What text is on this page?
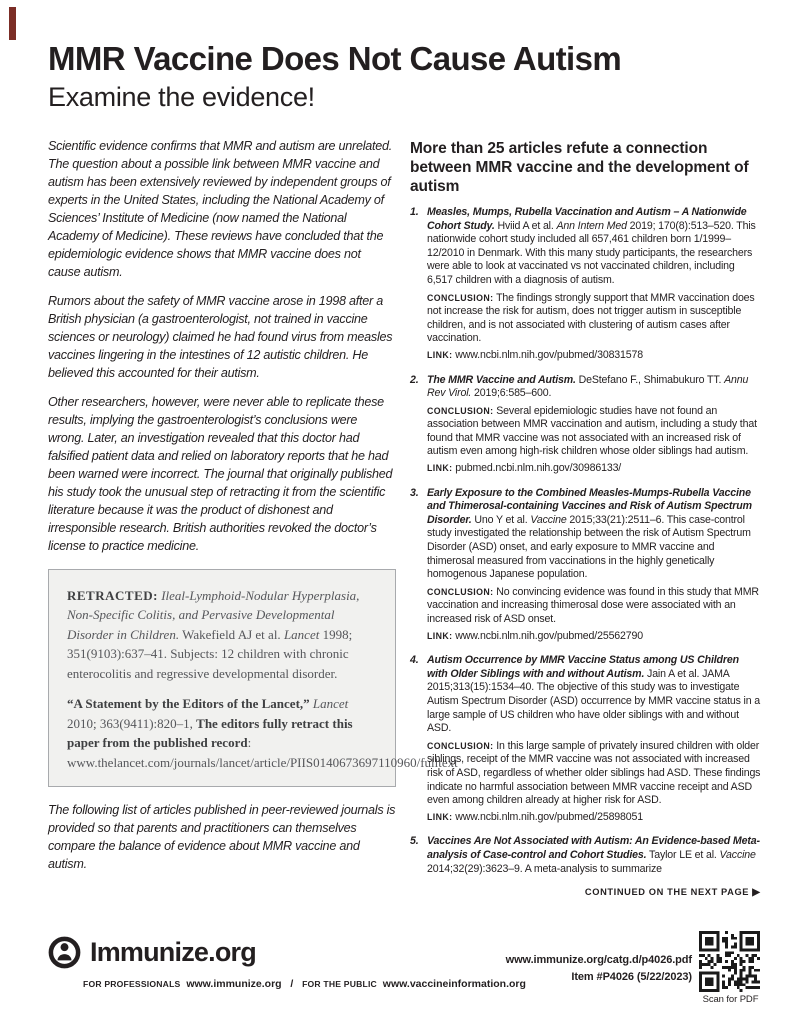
MMR Vaccine Does Not Cause Autism
Examine the evidence!

Scientific evidence confirms that MMR and autism are unrelated. The question about a possible link between MMR vaccine and autism has been extensively reviewed by independent groups of experts in the United States, including the National Academy of Sciences’ Institute of Medicine (now named the National Academy of Medicine). These reviews have concluded that the epidemiologic evidence shows that MMR vaccine does not cause autism.

Rumors about the safety of MMR vaccine arose in 1998 after a British physician (a gastroenterologist, not trained in vaccine sciences or neurology) claimed he had found virus from measles vaccines lingering in the intestines of 12 autistic children. He believed this accounted for their autism.

Other researchers, however, were never able to replicate these results, implying the gastroenterologist’s conclusions were wrong. Later, an investigation revealed that this doctor had falsified patient data and relied on laboratory reports that he had been warned were incorrect. The journal that originally published his study took the unusual step of retracting it from the scientific literature because it was the product of dishonest and irresponsible research. British authorities revoked the doctor’s license to practice medicine.

RETRACTED: Ileal-Lymphoid-Nodular Hyperplasia, Non-Specific Colitis, and Pervasive Developmental Disorder in Children. Wakefield AJ et al. Lancet 1998; 351(9103):637–41. Subjects: 12 children with chronic enterocolitis and regressive developmental disorder.

“A Statement by the Editors of the Lancet,” Lancet 2010; 363(9411):820–1, The editors fully retract this paper from the published record: www.thelancet.com/journals/lancet/article/PIIS0140673697110960/fulltext

The following list of articles published in peer-reviewed journals is provided so that parents and practitioners can themselves compare the balance of evidence about MMR vaccine and autism.

More than 25 articles refute a connection between MMR vaccine and the development of autism
1. Measles, Mumps, Rubella Vaccination and Autism – A Nationwide Cohort Study. Hviid A et al. Ann Intern Med 2019; 170(8):513–520. This nationwide cohort study included all 657,461 children born 1/1999–12/2010 in Denmark. With this many study participants, the researchers were able to look at vaccinated vs not vaccinated children, including 6,517 children with a diagnosis of autism.

CONCLUSION: The findings strongly support that MMR vaccination does not increase the risk for autism, does not trigger autism in susceptible children, and is not associated with clustering of autism cases after vaccination.

LINK: www.ncbi.nlm.nih.gov/pubmed/30831578

2. The MMR Vaccine and Autism. DeStefano F., Shimabukuro TT. Annu Rev Virol. 2019;6:585–600.

CONCLUSION: Several epidemiologic studies have not found an association between MMR vaccination and autism, including a study that found that MMR vaccine was not associated with an increased risk of autism even among high-risk children whose older siblings had autism.

LINK: pubmed.ncbi.nlm.nih.gov/30986133/

3. Early Exposure to the Combined Measles-Mumps-Rubella Vaccine and Thimerosal-containing Vaccines and Risk of Autism Spectrum Disorder. Uno Y et al. Vaccine 2015;33(21):2511–6. This case-control study investigated the relationship between the risk of Autism Spectrum Disorder (ASD) onset, and early exposure to MMR vaccine and thimerosal measured from vaccinations in the highly genetically homogenous Japanese population.

CONCLUSION: No convincing evidence was found in this study that MMR vaccination and increasing thimerosal dose were associated with an increased risk of ASD onset.

LINK: www.ncbi.nlm.nih.gov/pubmed/25562790

4. Autism Occurrence by MMR Vaccine Status among US Children with Older Siblings with and without Autism. Jain A et al. JAMA 2015;313(15):1534–40. The objective of this study was to investigate Autism Spectrum Disorder (ASD) occurrence by MMR vaccine status in a large sample of US children who have older siblings with and without ASD.

CONCLUSION: In this large sample of privately insured children with older siblings, receipt of the MMR vaccine was not associated with increased risk of ASD, regardless of whether older siblings had ASD. These findings indicate no harmful association between MMR vaccine receipt and ASD even among children already at higher risk for ASD.

LINK: www.ncbi.nlm.nih.gov/pubmed/25898051

5. Vaccines Are Not Associated with Autism: An Evidence-based Meta-analysis of Case-control and Cohort Studies. Taylor LE et al. Vaccine 2014;32(29):3623–9. A meta-analysis to summarize

CONTINUED ON THE NEXT PAGE ▶
Immunize.org
FOR PROFESSIONALS www.immunize.org / FOR THE PUBLIC www.vaccineinformation.org
www.immunize.org/catg.d/p4026.pdf
Item #P4026 (5/22/2023)
Scan for PDF
